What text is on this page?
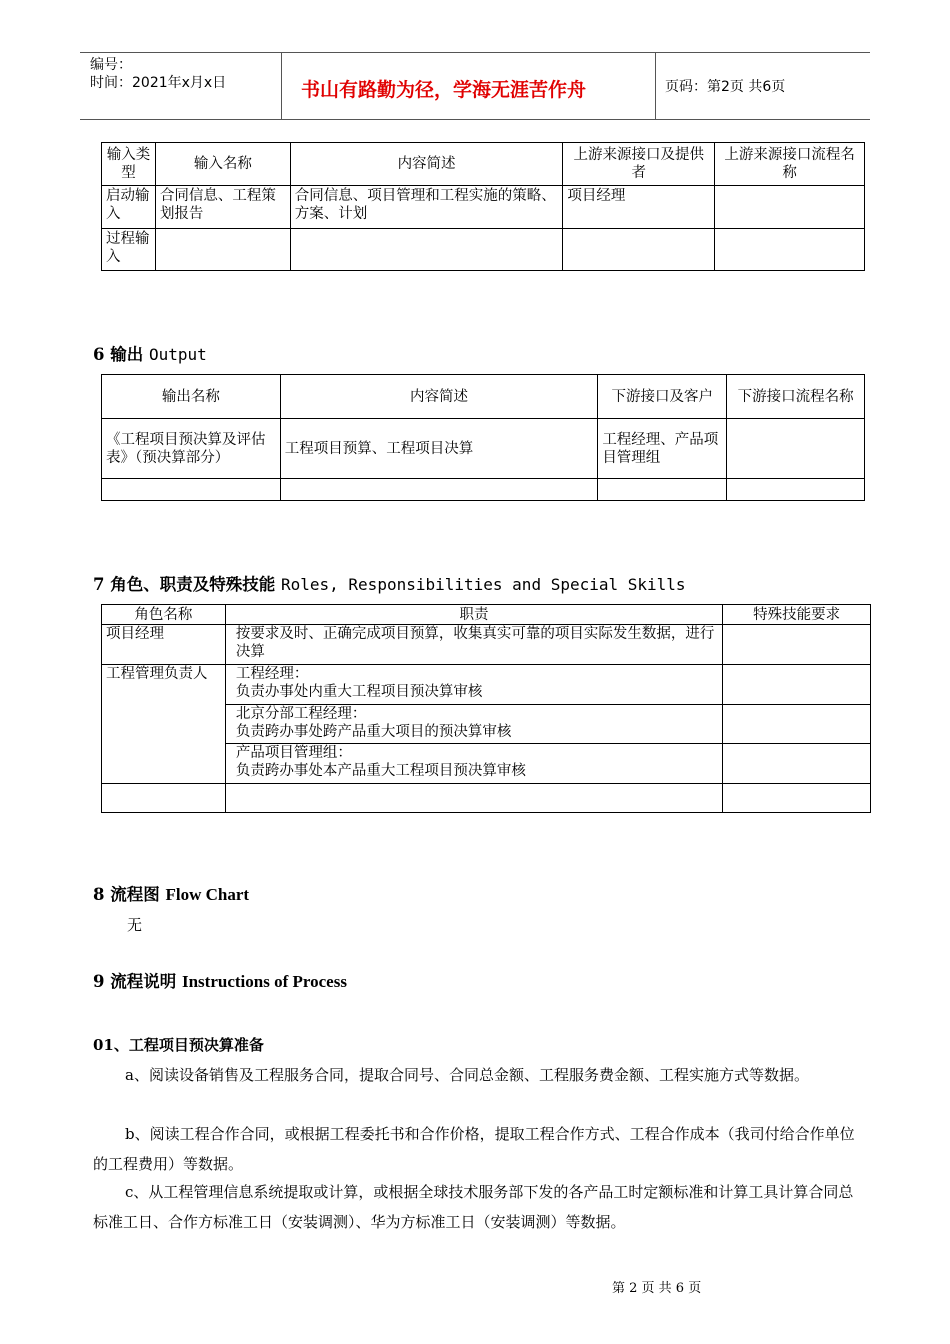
编号：
时间：2021年x月x日	书山有路勤为径，学海无涯苦作舟	页码：第2页 共6页
输入类型	输入名称	内容简述	上游来源接口及提供者	上游来源接口流程名称
启动输入	合同信息、工程策划报告	合同信息、项目管理和工程实施的策略、方案、计划	项目经理	
过程输入				
6 输出 Output
输出名称	内容简述	下游接口及客户	下游接口流程名称
《工程项目预决算及评估表》（预决算部分）	工程项目预算、工程项目决算	工程经理、产品项目管理组	

7 角色、职责及特殊技能 Roles, Responsibilities and Special Skills
角色名称	职责	特殊技能要求
项目经理	按要求及时、正确完成项目预算，收集真实可靠的项目实际发生数据，进行决算	
工程管理负责人	工程经理：
负责办事处内重大工程项目预决算审核	
	北京分部工程经理：
负责跨办事处跨产品重大项目的预决算审核	
	产品项目管理组：
负责跨办事处本产品重大工程项目预决算审核	

8 流程图 Flow Chart
无
9 流程说明 Instructions of Process
01、工程项目预决算准备
a、阅读设备销售及工程服务合同，提取合同号、合同总金额、工程服务费金额、工程实施方式等数据。
b、阅读工程合作合同，或根据工程委托书和合作价格，提取工程合作方式、工程合作成本（我司付给合作单位的工程费用）等数据。
c、从工程管理信息系统提取或计算，或根据全球技术服务部下发的各产品工时定额标准和计算工具计算合同总标准工日、合作方标准工日（安装调测）、华为方标准工日（安装调测）等数据。
第 2 页 共 6 页
